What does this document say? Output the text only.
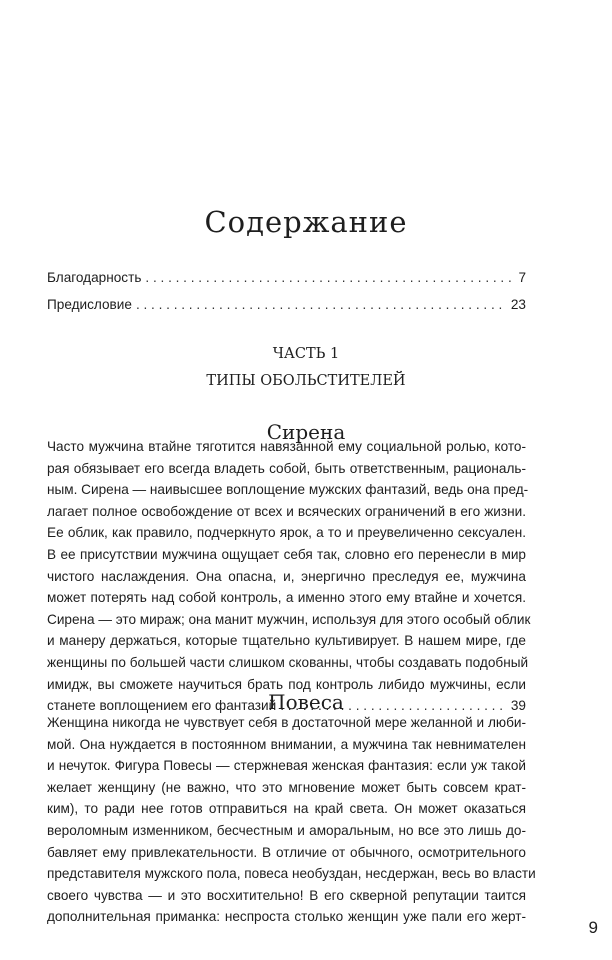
Содержание
Благодарность . . .	7
Предисловие . . .	23
ЧАСТЬ 1
ТИПЫ ОБОЛЬСТИТЕЛЕЙ
Сирена
Часто мужчина втайне тяготится навязанной ему социальной ролью, кото-
рая обязывает его всегда владеть собой, быть ответственным, рациональ-
ным. Сирена — наивысшее воплощение мужских фантазий, ведь она пред-
лагает полное освобождение от всех и всяческих ограничений в его жизни.
Ее облик, как правило, подчеркнуто ярок, а то и преувеличенно сексуален.
В ее присутствии мужчина ощущает себя так, словно его перенесли в мир
чистого наслаждения. Она опасна, и, энергично преследуя ее, мужчина
может потерять над собой контроль, а именно этого ему втайне и хочется.
Сирена — это мираж; она манит мужчин, используя для этого особый облик
и манеру держаться, которые тщательно культивирует. В нашем мире, где
женщины по большей части слишком скованны, чтобы создавать подобный
имидж, вы сможете научиться брать под контроль либидо мужчины, если
станете воплощением его фантазий . . .	39
Повеса
Женщина никогда не чувствует себя в достаточной мере желанной и люби-
мой. Она нуждается в постоянном внимании, а мужчина так невнимателен
и нечуток. Фигура Повесы — стержневая женская фантазия: если уж такой
желает женщину (не важно, что это мгновение может быть совсем крат-
ким), то ради нее готов отправиться на край света. Он может оказаться
вероломным изменником, бесчестным и аморальным, но все это лишь до-
бавляет ему привлекательности. В отличие от обычного, осмотрительного
представителя мужского пола, повеса необуздан, несдержан, весь во власти
своего чувства — и это восхитительно! В его скверной репутации таится
дополнительная приманка: неспроста столько женщин уже пали его жерт-
9
